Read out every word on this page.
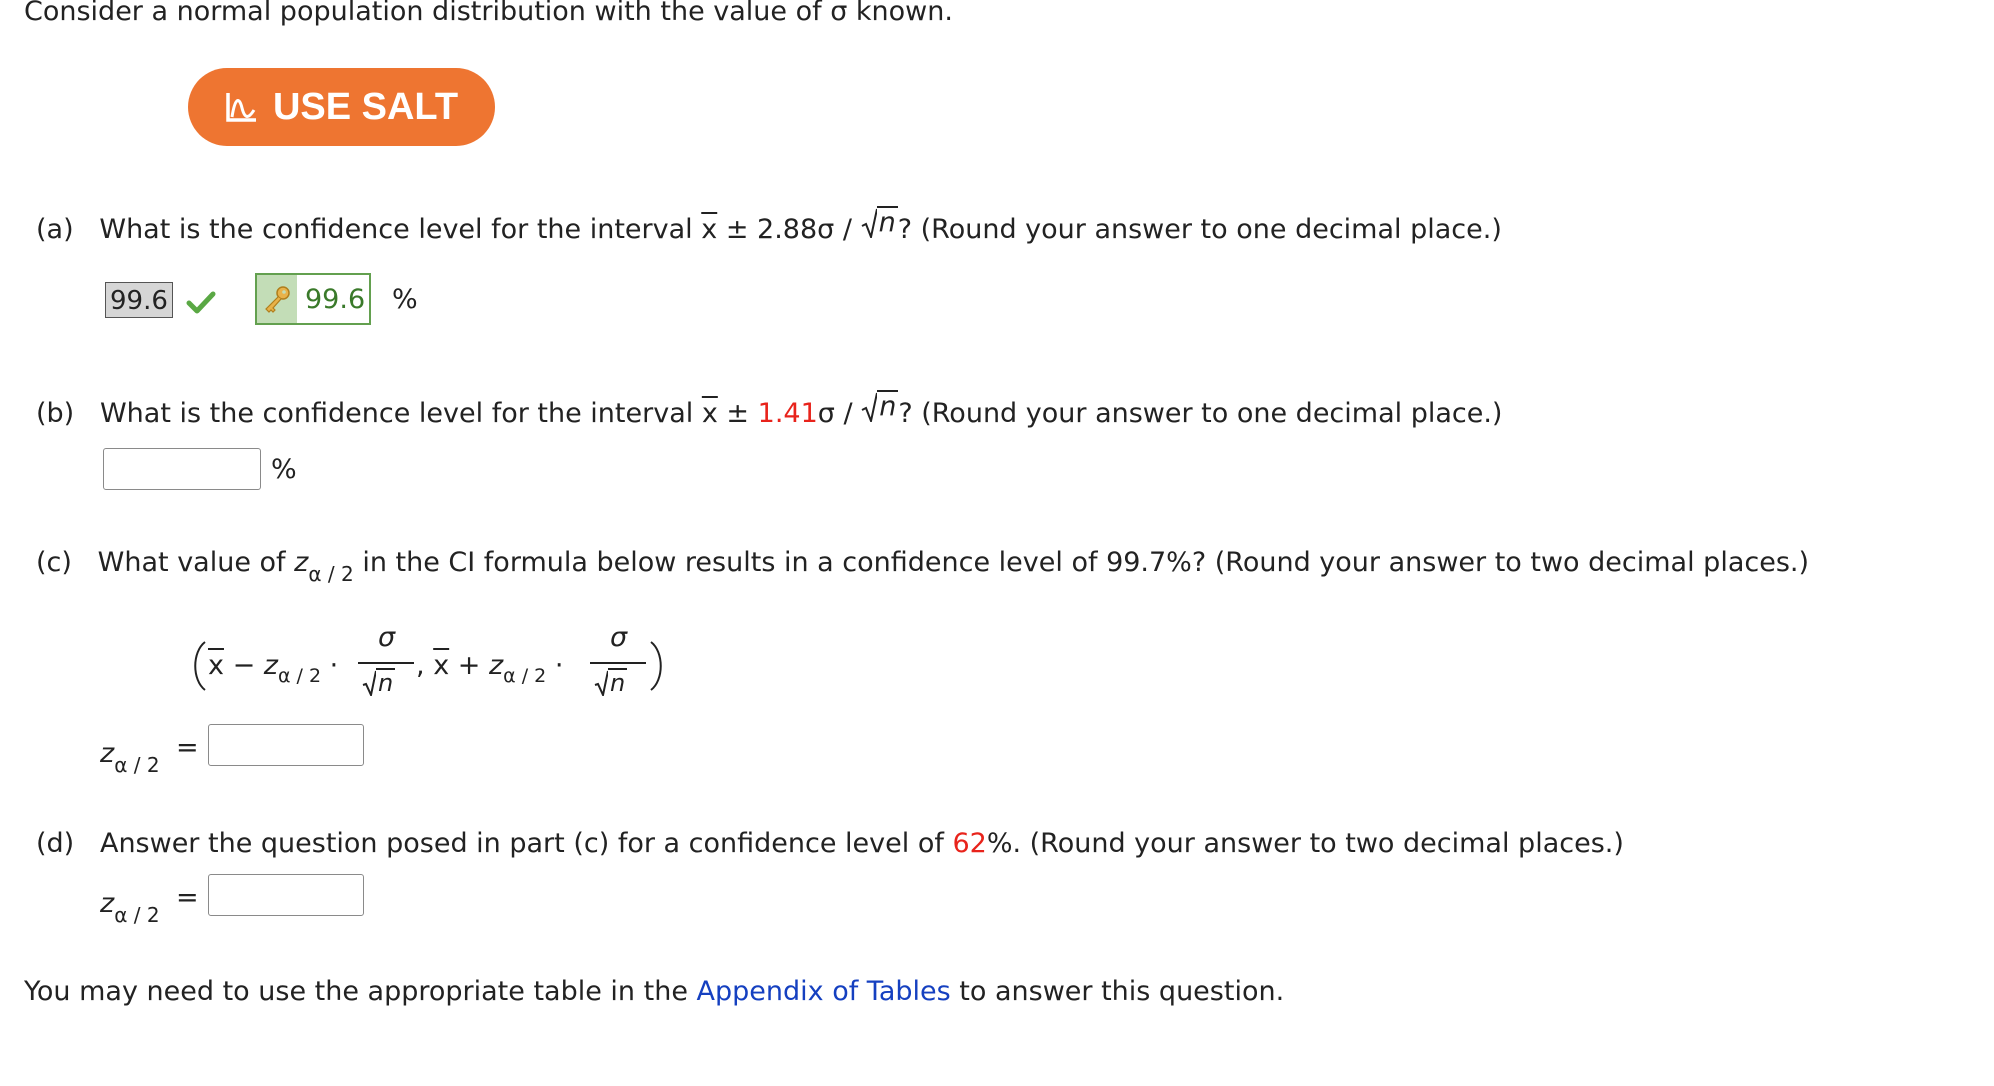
Consider a normal population distribution with the value of σ known.
USE SALT
(a) What is the confidence level for the interval $\overline{x} \pm 2.88\sigma / n$ ? (Round your answer to one decimal place.)
99.6	99.6 %
(b) What is the confidence level for the interval $\overline{x} \pm 1.41\sigma / n$ ? (Round your answer to one decimal place.)
%
(c) What value of $z_{\alpha / 2}$ in the CI formula below results in a confidence level of 99.7%? (Round your answer to two decimal places.)
$\overline{x} - z_{\alpha / 2}$ ·
σ
n
, $\overline{x} + z_{\alpha / 2}$ ·
σ
n
$z_{\alpha / 2}$
=
(d) Answer the question posed in part (c) for a confidence level of 62%. (Round your answer to two decimal places.)
$z_{\alpha / 2}$
=
You may need to use the appropriate table in the Appendix of Tables to answer this question.
